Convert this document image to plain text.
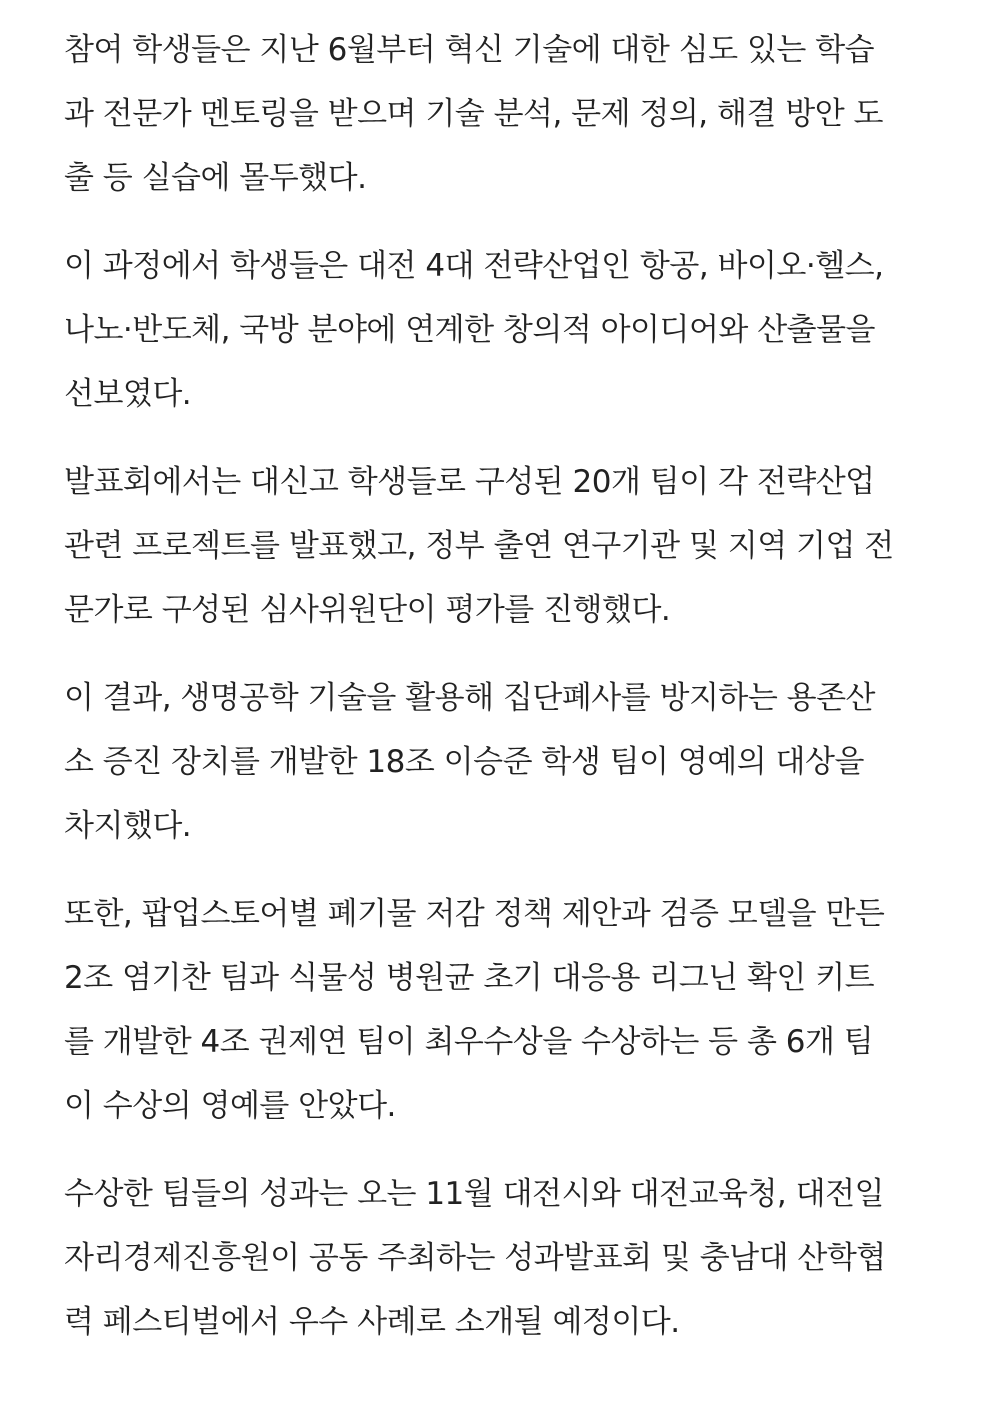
참여 학생들은 지난 6월부터 혁신 기술에 대한 심도 있는 학습
과 전문가 멘토링을 받으며 기술 분석, 문제 정의, 해결 방안 도
출 등 실습에 몰두했다.

이 과정에서 학생들은 대전 4대 전략산업인 항공, 바이오·헬스,
나노·반도체, 국방 분야에 연계한 창의적 아이디어와 산출물을
선보였다.

발표회에서는 대신고 학생들로 구성된 20개 팀이 각 전략산업
관련 프로젝트를 발표했고, 정부 출연 연구기관 및 지역 기업 전
문가로 구성된 심사위원단이 평가를 진행했다.

이 결과, 생명공학 기술을 활용해 집단폐사를 방지하는 용존산
소 증진 장치를 개발한 18조 이승준 학생 팀이 영예의 대상을
차지했다.

또한, 팝업스토어별 폐기물 저감 정책 제안과 검증 모델을 만든
2조 염기찬 팀과 식물성 병원균 초기 대응용 리그닌 확인 키트
를 개발한 4조 권제연 팀이 최우수상을 수상하는 등 총 6개 팀
이 수상의 영예를 안았다.

수상한 팀들의 성과는 오는 11월 대전시와 대전교육청, 대전일
자리경제진흥원이 공동 주최하는 성과발표회 및 충남대 산학협
력 페스티벌에서 우수 사례로 소개될 예정이다.
